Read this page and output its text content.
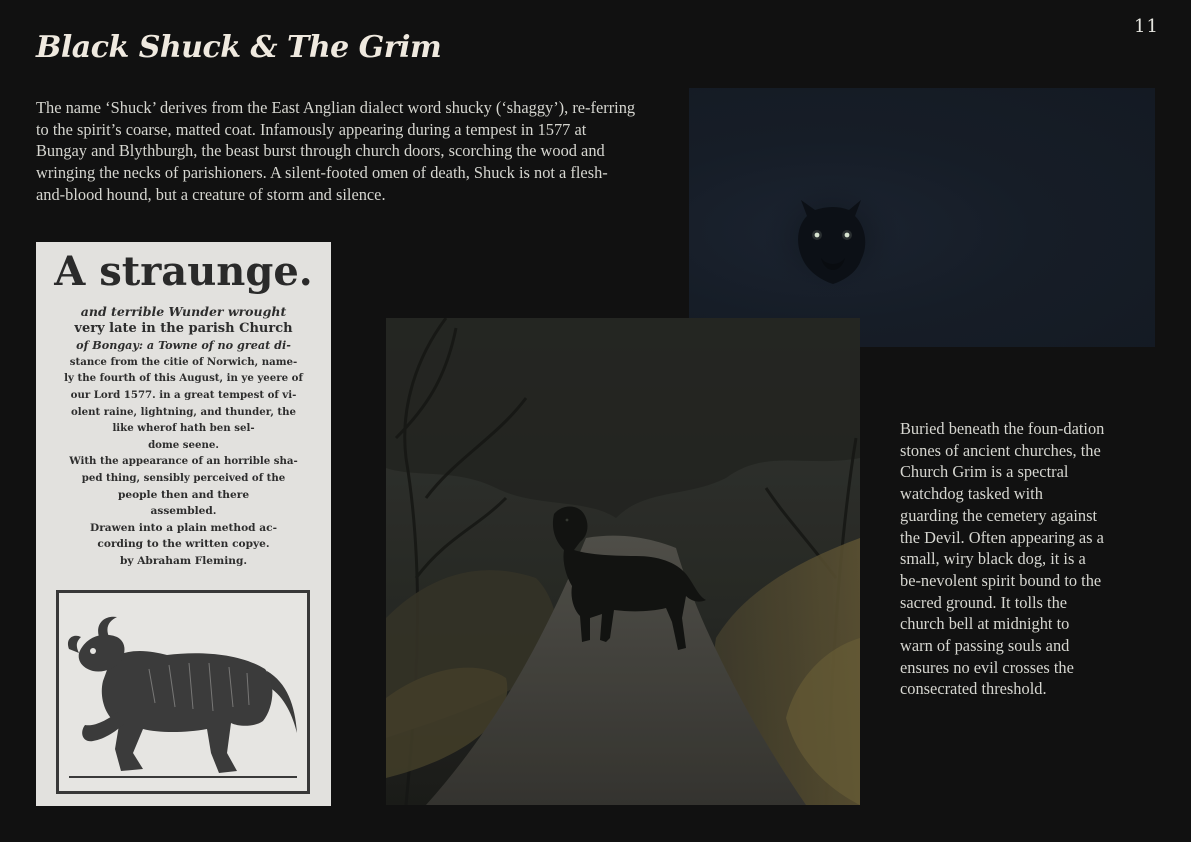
11
Black Shuck & The Grim

The name ‘Shuck’ derives from the East Anglian dialect word shucky (‘shaggy’), re-ferring to the spirit’s coarse, matted coat. Infamously appearing during a tempest in 1577 at Bungay and Blythburgh, the beast burst through church doors, scorching the wood and wringing the necks of parishioners. A silent-footed omen of death, Shuck is not a flesh-and-blood hound, but a creature of storm and silence.

A straunge.
and terrible Wunder wrought
very late in the parish Church
of Bongay: a Towne of no great di-
stance from the citie of Norwich, name-
ly the fourth of this August, in ye yeere of
our Lord 1577. in a great tempest of vi-
olent raine, lightning, and thunder, the
like wherof hath ben sel-
dome seene.
With the appearance of an horrible sha-
ped thing, sensibly perceived of the
people then and there
assembled.
Drawen into a plain method ac-
cording to the written copye.
by Abraham Fleming.

Buried beneath the foun-dation stones of ancient churches, the Church Grim is a spectral watchdog tasked with guarding the cemetery against the Devil. Often appearing as a small, wiry black dog, it is a be-nevolent spirit bound to the sacred ground. It tolls the church bell at midnight to warn of passing souls and ensures no evil crosses the consecrated threshold.
